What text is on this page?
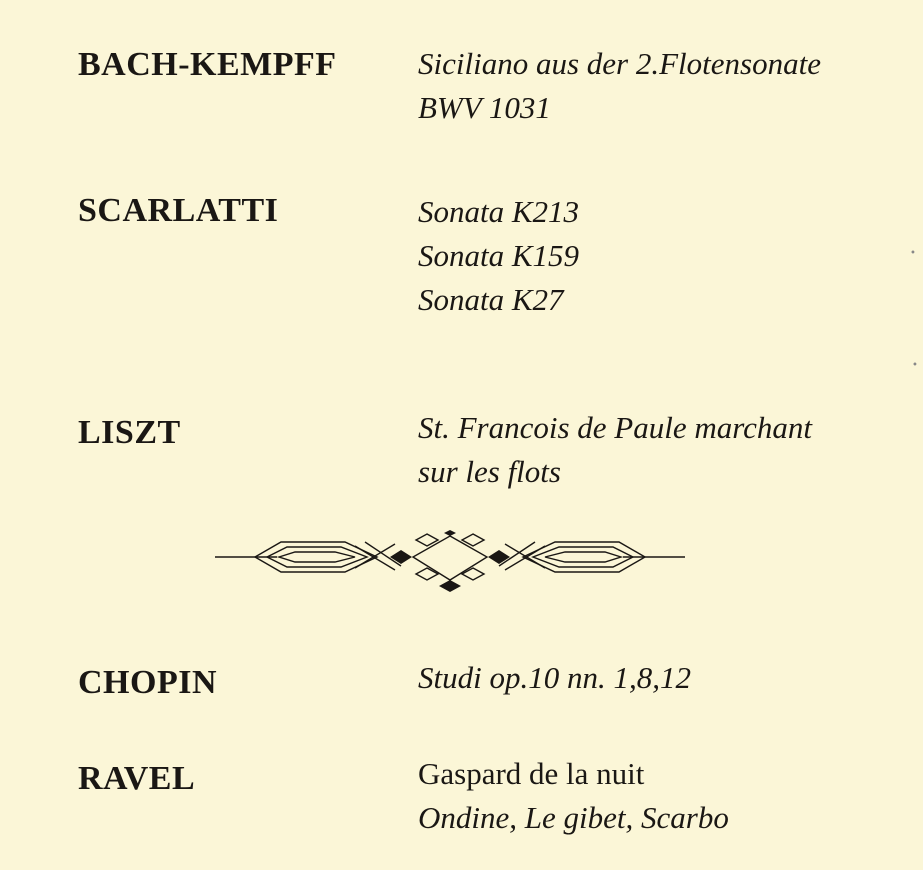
BACH-KEMPFF	Siciliano aus der 2.Flotensonate
BWV 1031
SCARLATTI	Sonata K213
Sonata K159
Sonata K27
LISZT	St. Francois de Paule marchant
sur les flots
CHOPIN	Studi op.10 nn. 1,8,12
RAVEL	Gaspard de la nuit
Ondine, Le gibet, Scarbo
•
•
